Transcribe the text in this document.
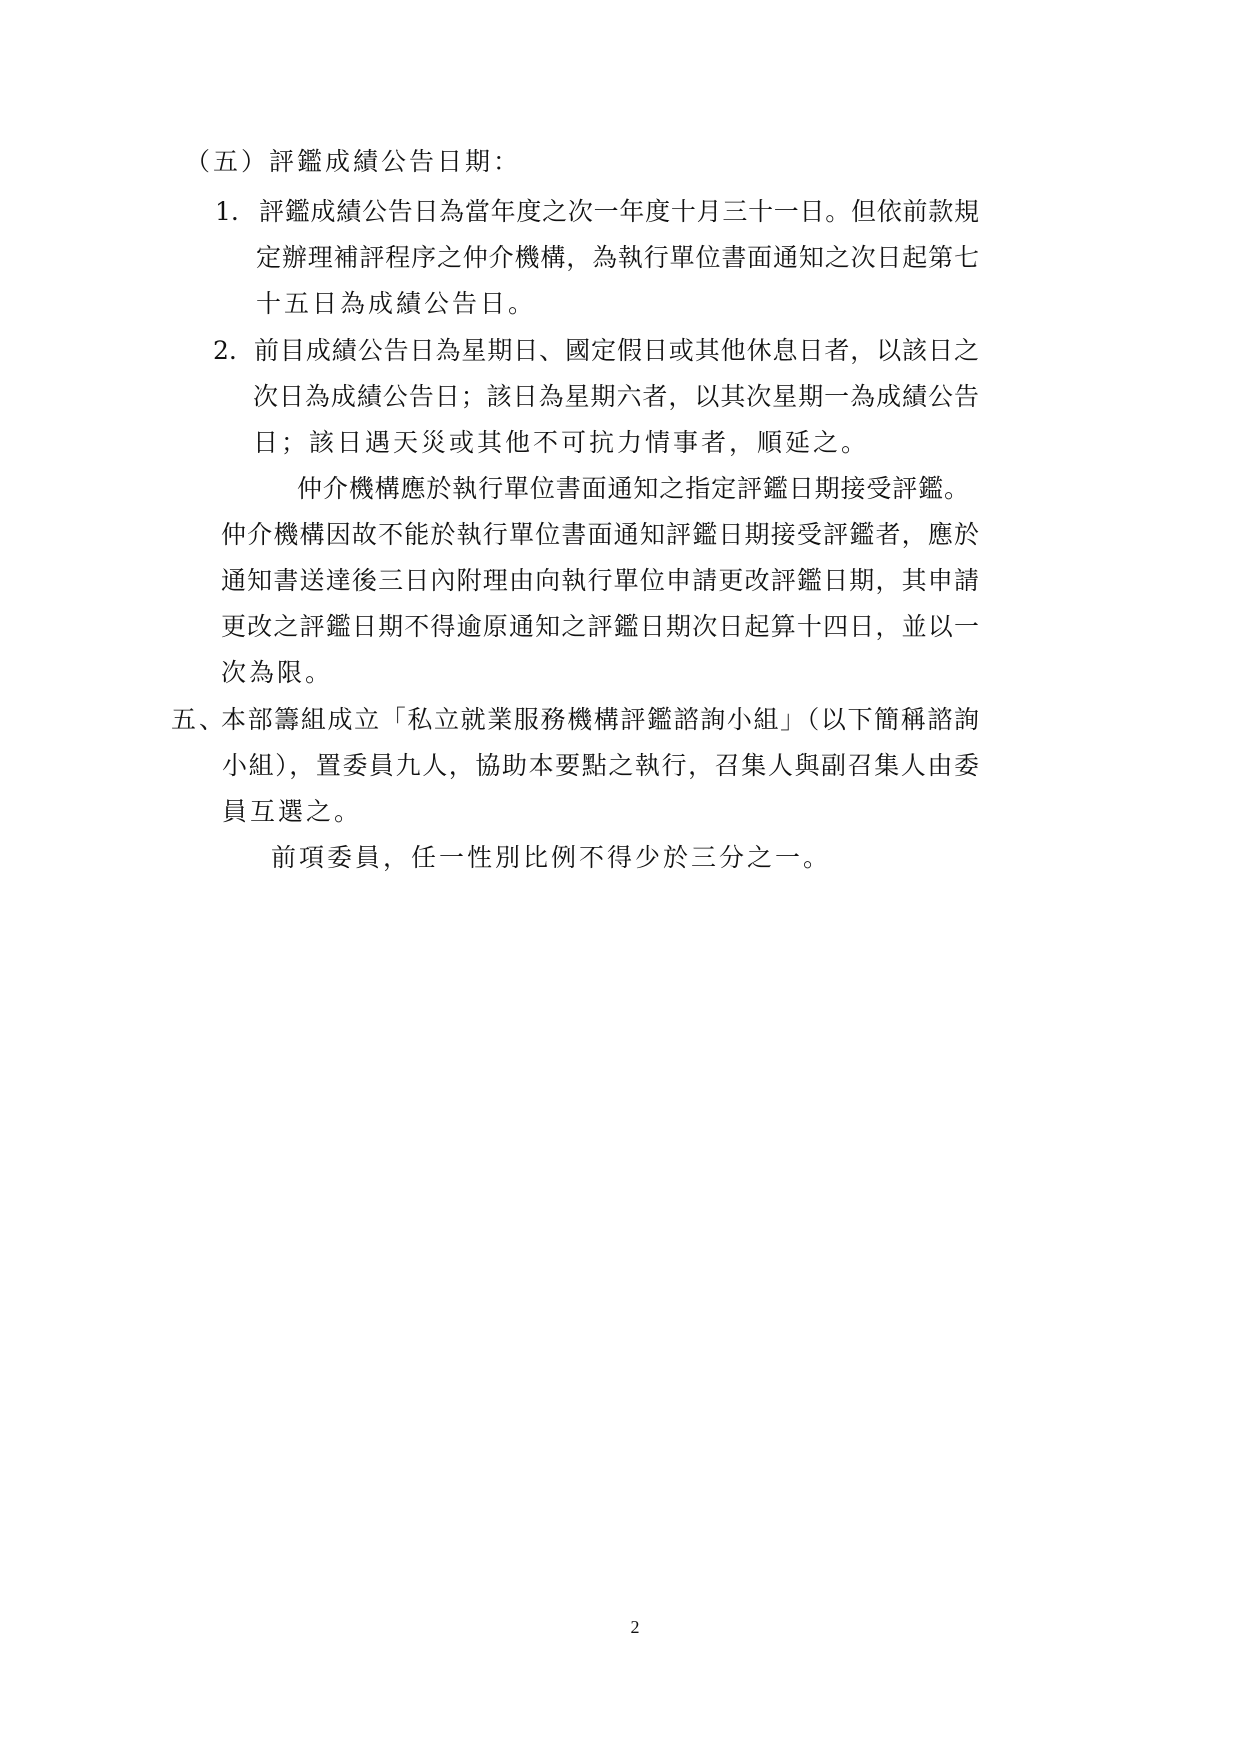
（五）評鑑成績公告日期：
1. 評鑑成績公告日為當年度之次一年度十月三十一日。但依前款規
定辦理補評程序之仲介機構，為執行單位書面通知之次日起第七
十五日為成績公告日。
2. 前目成績公告日為星期日、國定假日或其他休息日者，以該日之
次日為成績公告日；該日為星期六者，以其次星期一為成績公告
日；該日遇天災或其他不可抗力情事者，順延之。
仲介機構應於執行單位書面通知之指定評鑑日期接受評鑑。
仲介機構因故不能於執行單位書面通知評鑑日期接受評鑑者，應於
通知書送達後三日內附理由向執行單位申請更改評鑑日期，其申請
更改之評鑑日期不得逾原通知之評鑑日期次日起算十四日，並以一
次為限。
五、
本部籌組成立「私立就業服務機構評鑑諮詢小組」（以下簡稱諮詢
小組），置委員九人，協助本要點之執行，召集人與副召集人由委
員互選之。
前項委員，任一性別比例不得少於三分之一。
2
